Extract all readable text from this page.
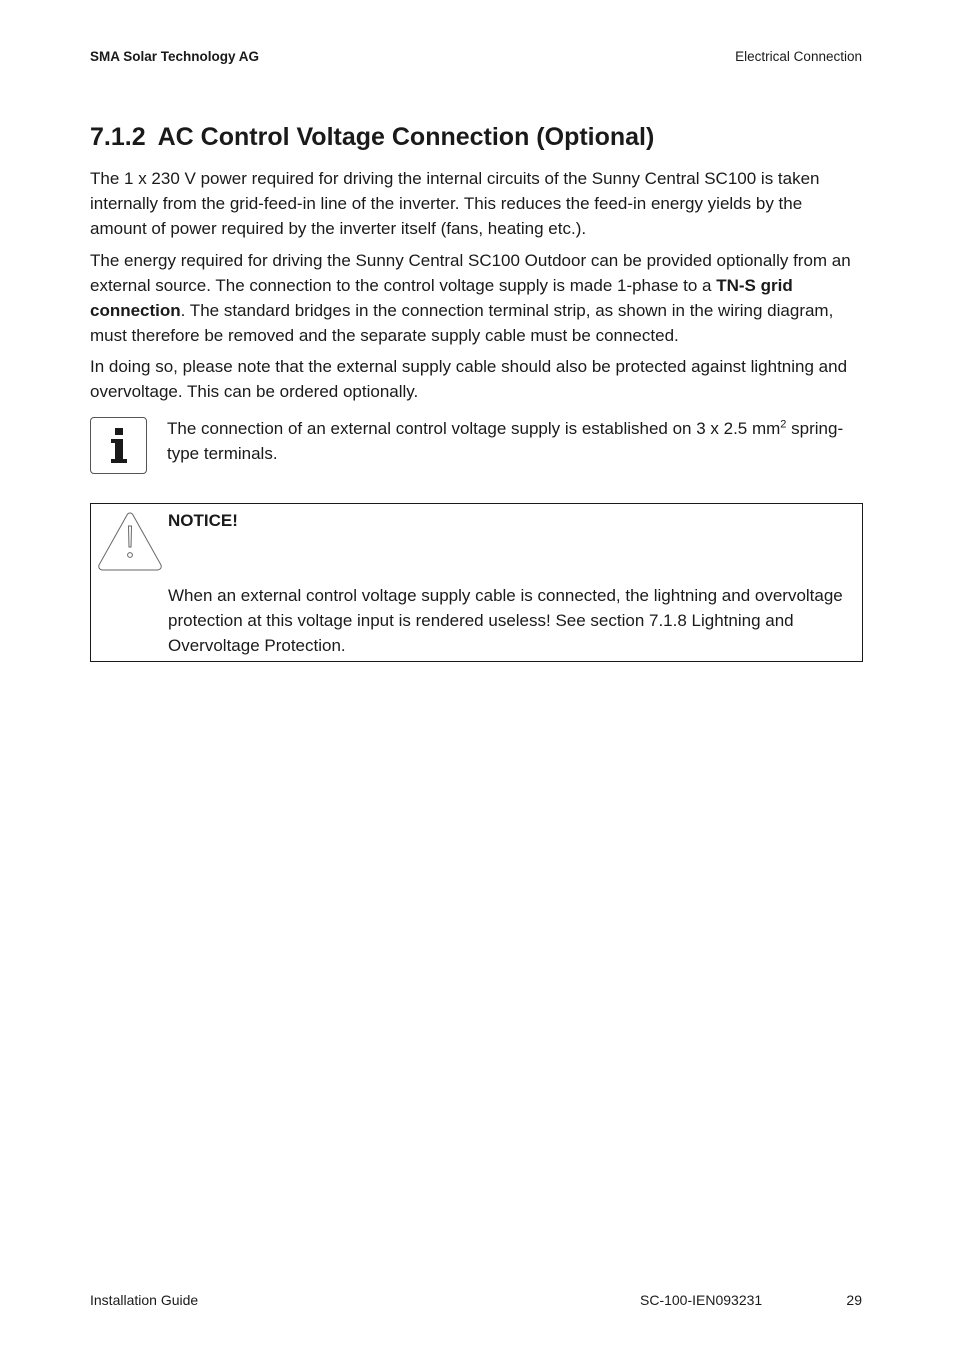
SMA Solar Technology AG	Electrical Connection
7.1.2 AC Control Voltage Connection (Optional)

The 1 x 230 V power required for driving the internal circuits of the Sunny Central SC100 is taken internally from the grid-feed-in line of the inverter. This reduces the feed-in energy yields by the amount of power required by the inverter itself (fans, heating etc.).

The energy required for driving the Sunny Central SC100 Outdoor can be provided optionally from an external source. The connection to the control voltage supply is made 1-phase to a TN-S grid connection. The standard bridges in the connection terminal strip, as shown in the wiring diagram, must therefore be removed and the separate supply cable must be connected.

In doing so, please note that the external supply cable should also be protected against lightning and overvoltage. This can be ordered optionally.

The connection of an external control voltage supply is established on 3 x 2.5 $mm^2$ spring-type terminals.

NOTICE!

When an external control voltage supply cable is connected, the lightning and overvoltage protection at this voltage input is rendered useless! See section 7.1.8 Lightning and Overvoltage Protection.

Installation Guide	SC-100-IEN093231	29
